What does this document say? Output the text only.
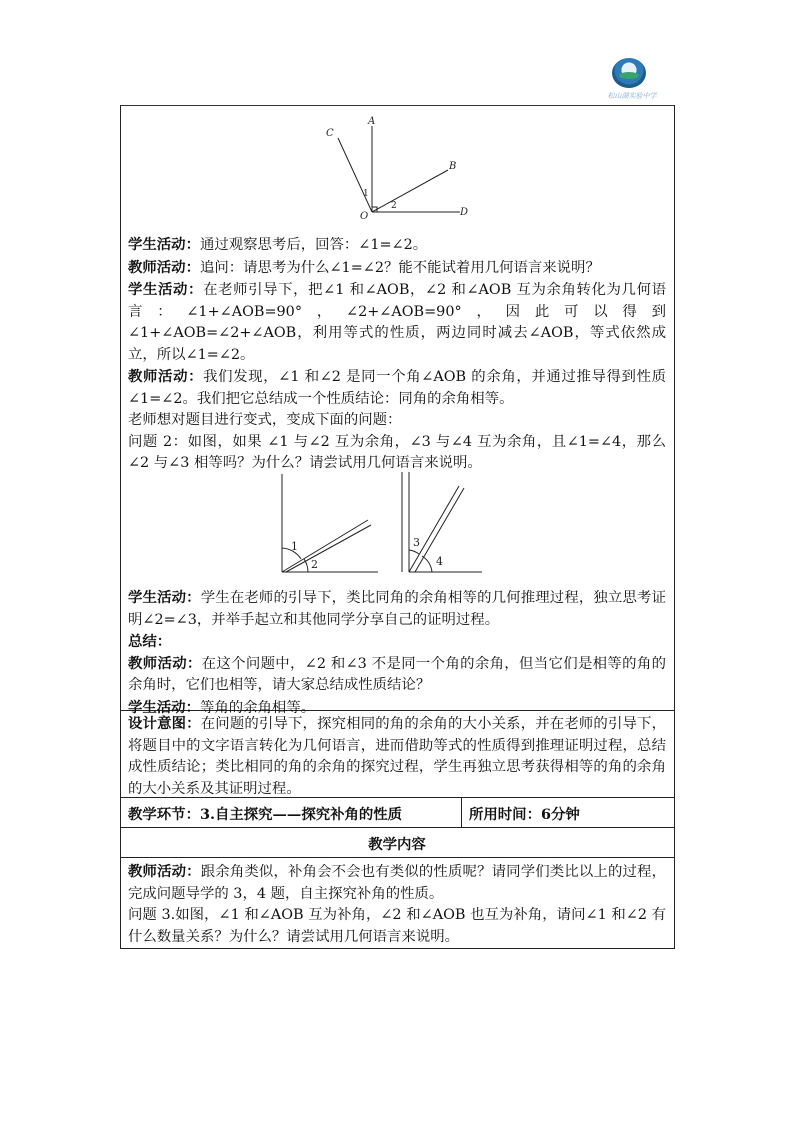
松山湖实验中学
A
B
C
D
O
1
2

学生活动：通过观察思考后，回答：∠1=∠2。

教师活动：追问：请思考为什么∠1=∠2？能不能试着用几何语言来说明？

学生活动：在老师引导下，把∠1 和∠AOB，∠2 和∠AOB 互为余角转化为几何语言：∠1+∠AOB=90°，∠2+∠AOB=90°，因此可以得到∠1+∠AOB=∠2+∠AOB，利用等式的性质，两边同时减去∠AOB，等式依然成立，所以∠1=∠2。

教师活动：我们发现，∠1 和∠2 是同一个角∠AOB 的余角，并通过推导得到性质∠1=∠2。我们把它总结成一个性质结论：同角的余角相等。

老师想对题目进行变式，变成下面的问题：

问题 2：如图，如果 ∠1 与∠2 互为余角，∠3 与∠4 互为余角，且∠1=∠4，那么∠2 与∠3 相等吗？为什么？请尝试用几何语言来说明。

1
2
3
4

学生活动：学生在老师的引导下，类比同角的余角相等的几何推理过程，独立思考证明∠2=∠3，并举手起立和其他同学分享自己的证明过程。

总结：

教师活动：在这个问题中，∠2 和∠3 不是同一个角的余角，但当它们是相等的角的余角时，它们也相等，请大家总结成性质结论？

学生活动：等角的余角相等。

设计意图：在问题的引导下，探究相同的角的余角的大小关系，并在老师的引导下，将题目中的文字语言转化为几何语言，进而借助等式的性质得到推理证明过程，总结成性质结论；类比相同的角的余角的探究过程，学生再独立思考获得相等的角的余角的大小关系及其证明过程。

教学环节：3.自主探究——探究补角的性质	所用时间：6分钟
教学内容

教师活动：跟余角类似，补角会不会也有类似的性质呢？请同学们类比以上的过程，完成问题导学的 3，4 题，自主探究补角的性质。

问题 3.如图，∠1 和∠AOB 互为补角，∠2 和∠AOB 也互为补角，请问∠1 和∠2 有什么数量关系？为什么？请尝试用几何语言来说明。
